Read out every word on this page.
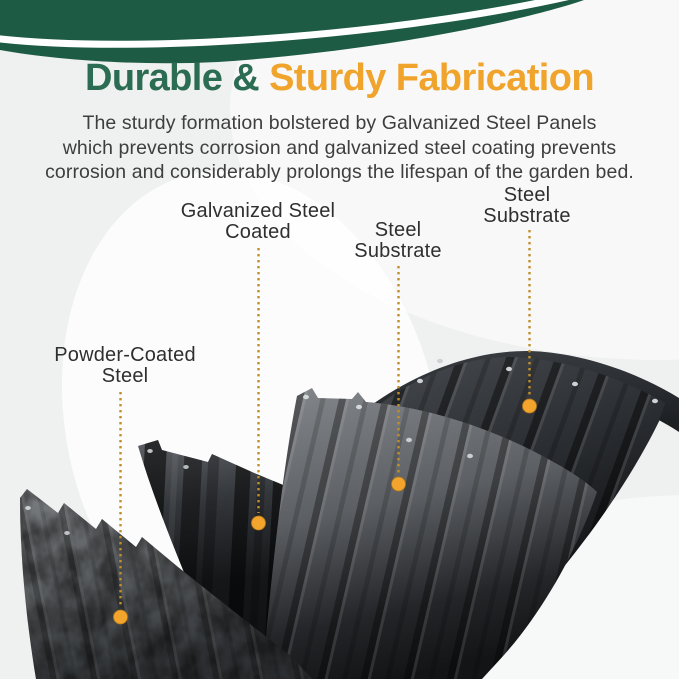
Durable & Sturdy Fabrication
The sturdy formation bolstered by Galvanized Steel Panels
which prevents corrosion and galvanized steel coating prevents
corrosion and considerably prolongs the lifespan of the garden bed.
Galvanized Steel
Coated	Steel
Substrate
Steel
Substrate
Powder-Coated
Steel
